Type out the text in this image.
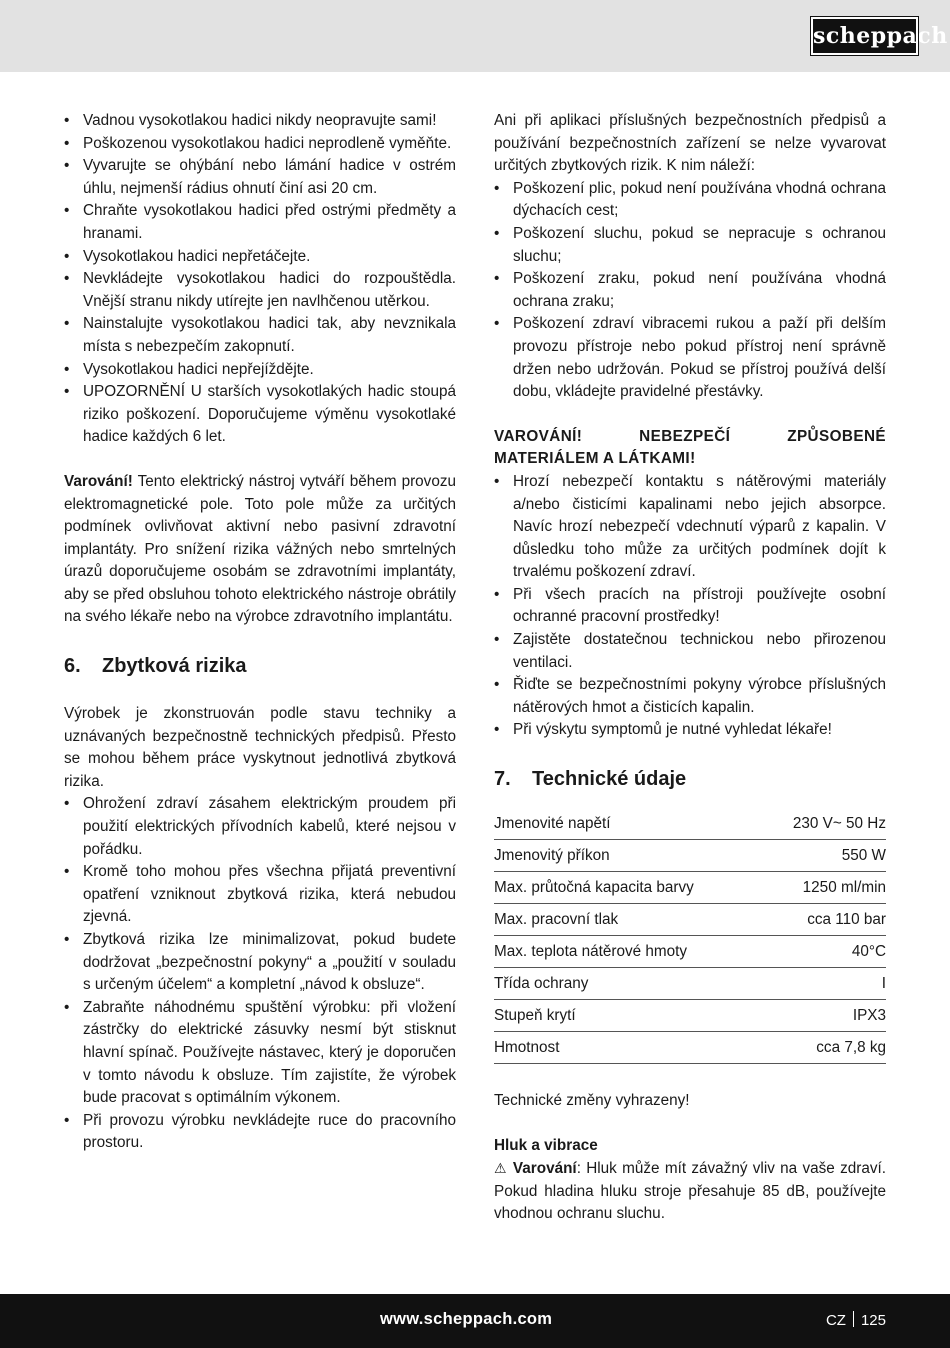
scheppach
• Vadnou vysokotlakou hadici nikdy neopravujte sami!
• Poškozenou vysokotlakou hadici neprodleně vyměňte.
• Vyvarujte se ohýbání nebo lámání hadice v ostrém úhlu, nejmenší rádius ohnutí činí asi 20 cm.
• Chraňte vysokotlakou hadici před ostrými předměty a hranami.
• Vysokotlakou hadici nepřetáčejte.
• Nevkládejte vysokotlakou hadici do rozpouštědla. Vnější stranu nikdy utírejte jen navlhčenou utěrkou.
• Nainstalujte vysokotlakou hadici tak, aby nevznikala místa s nebezpečím zakopnutí.
• Vysokotlakou hadici nepřejíždějte.
• UPOZORNĚNÍ U starších vysokotlakých hadic stoupá riziko poškození. Doporučujeme výměnu vysokotlaké hadice každých 6 let.

Varování! Tento elektrický nástroj vytváří během provozu elektromagnetické pole. Toto pole může za určitých podmínek ovlivňovat aktivní nebo pasivní zdravotní implantáty. Pro snížení rizika vážných nebo smrtelných úrazů doporučujeme osobám se zdravotními implantáty, aby se před obsluhou tohoto elektrického nástroje obrátily na svého lékaře nebo na výrobce zdravotního implantátu.

6. Zbytková rizika

Výrobek je zkonstruován podle stavu techniky a uznávaných bezpečnostně technických předpisů. Přesto se mohou během práce vyskytnout jednotlivá zbytková rizika.

• Ohrožení zdraví zásahem elektrickým proudem při použití elektrických přívodních kabelů, které nejsou v pořádku.
• Kromě toho mohou přes všechna přijatá preventivní opatření vzniknout zbytková rizika, která nebudou zjevná.
• Zbytková rizika lze minimalizovat, pokud budete dodržovat „bezpečnostní pokyny“ a „použití v souladu s určeným účelem“ a kompletní „návod k obsluze“.
• Zabraňte náhodnému spuštění výrobku: při vložení zástrčky do elektrické zásuvky nesmí být stisknut hlavní spínač. Používejte nástavec, který je doporučen v tomto návodu k obsluze. Tím zajistíte, že výrobek bude pracovat s optimálním výkonem.
• Při provozu výrobku nevkládejte ruce do pracovního prostoru.

Ani při aplikaci příslušných bezpečnostních předpisů a používání bezpečnostních zařízení se nelze vyvarovat určitých zbytkových rizik. K nim náleží:

• Poškození plic, pokud není používána vhodná ochrana dýchacích cest;
• Poškození sluchu, pokud se nepracuje s ochranou sluchu;
• Poškození zraku, pokud není používána vhodná ochrana zraku;
• Poškození zdraví vibracemi rukou a paží při delším provozu přístroje nebo pokud přístroj není správně držen nebo udržován. Pokud se přístroj používá delší dobu, vkládejte pravidelné přestávky.

VAROVÁNÍ! NEBEZPEČÍ ZPŮSOBENÉ MATERIÁLEM A LÁTKAMI!

• Hrozí nebezpečí kontaktu s nátěrovými materiály a/nebo čisticími kapalinami nebo jejich absorpce. Navíc hrozí nebezpečí vdechnutí výparů z kapalin. V důsledku toho může za určitých podmínek dojít k trvalému poškození zdraví.
• Při všech pracích na přístroji používejte osobní ochranné pracovní prostředky!
• Zajistěte dostatečnou technickou nebo přirozenou ventilaci.
• Řiďte se bezpečnostními pokyny výrobce příslušných nátěrových hmot a čisticích kapalin.
• Při výskytu symptomů je nutné vyhledat lékaře!
7. Technické údaje
Jmenovité napětí	230 V~ 50 Hz
Jmenovitý příkon	550 W
Max. průtočná kapacita barvy	1250 ml/min
Max. pracovní tlak	cca 110 bar
Max. teplota nátěrové hmoty	40°C
Třída ochrany	I
Stupeň krytí	IPX3
Hmotnost	cca 7,8 kg

Technické změny vyhrazeny!

Hluk a vibrace

⚠ Varování: Hluk může mít závažný vliv na vaše zdraví. Pokud hladina hluku stroje přesahuje 85 dB, používejte vhodnou ochranu sluchu.

www.scheppach.com	CZ 125
